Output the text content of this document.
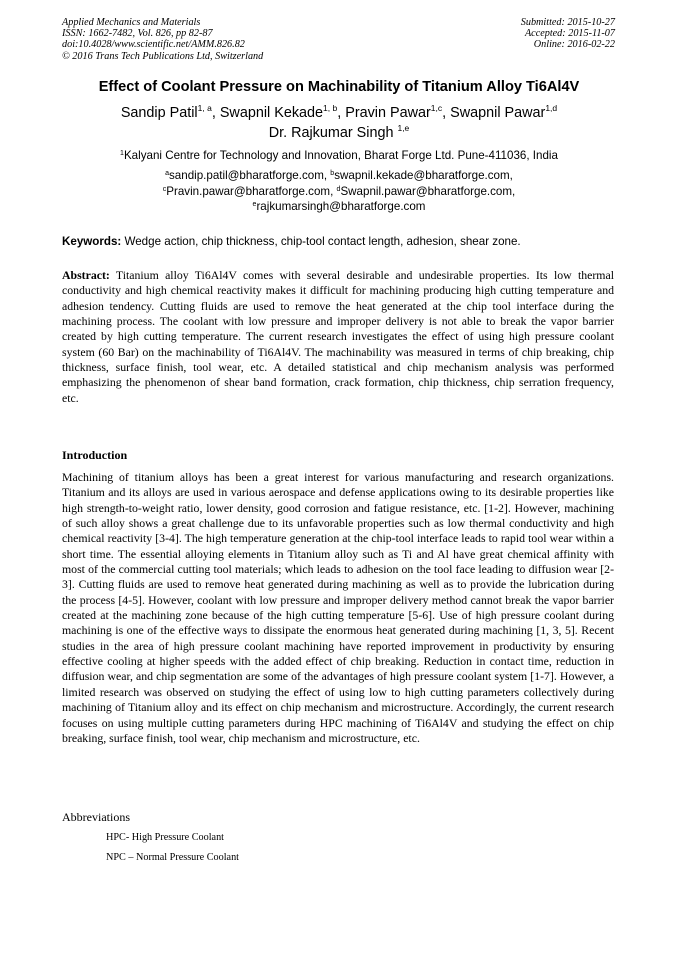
Applied Mechanics and Materials
ISSN: 1662-7482, Vol. 826, pp 82-87
doi:10.4028/www.scientific.net/AMM.826.82
© 2016 Trans Tech Publications Ltd, Switzerland
Submitted: 2015-10-27
Accepted: 2015-11-07
Online: 2016-02-22
Effect of Coolant Pressure on Machinability of Titanium Alloy Ti6Al4V
Sandip Patil$^{1, a}$, Swapnil Kekade$^{1, b}$, Pravin Pawar$^{1,c}$, Swapnil Pawar$^{1,d}$
Dr. Rajkumar Singh $^{1,e}$
$^1$Kalyani Centre for Technology and Innovation, Bharat Forge Ltd. Pune-411036, India
$^a$sandip.patil@bharatforge.com, $^b$swapnil.kekade@bharatforge.com,
$^c$Pravin.pawar@bharatforge.com, $^d$Swapnil.pawar@bharatforge.com,
$^e$rajkumarsingh@bharatforge.com
Keywords: Wedge action, chip thickness, chip-tool contact length, adhesion, shear zone.
Abstract: Titanium alloy Ti6Al4V comes with several desirable and undesirable properties. Its low thermal conductivity and high chemical reactivity makes it difficult for machining producing high cutting temperature and adhesion tendency. Cutting fluids are used to remove the heat generated at the chip tool interface during the machining process. The coolant with low pressure and improper delivery is not able to break the vapor barrier created by high cutting temperature. The current research investigates the effect of using high pressure coolant system (60 Bar) on the machinability of Ti6Al4V. The machinability was measured in terms of chip breaking, chip thickness, surface finish, tool wear, etc. A detailed statistical and chip mechanism analysis was performed emphasizing the phenomenon of shear band formation, crack formation, chip thickness, chip serration frequency, etc.
Introduction
Machining of titanium alloys has been a great interest for various manufacturing and research organizations. Titanium and its alloys are used in various aerospace and defense applications owing to its desirable properties like high strength-to-weight ratio, lower density, good corrosion and fatigue resistance, etc. [1-2]. However, machining of such alloy shows a great challenge due to its unfavorable properties such as low thermal conductivity and high chemical reactivity [3-4]. The high temperature generation at the chip-tool interface leads to rapid tool wear within a short time. The essential alloying elements in Titanium alloy such as Ti and Al have great chemical affinity with most of the commercial cutting tool materials; which leads to adhesion on the tool face leading to diffusion wear [2-3]. Cutting fluids are used to remove heat generated during machining as well as to provide the lubrication during the process [4-5]. However, coolant with low pressure and improper delivery method cannot break the vapor barrier created at the machining zone because of the high cutting temperature [5-6]. Use of high pressure coolant during machining is one of the effective ways to dissipate the enormous heat generated during machining [1, 3, 5]. Recent studies in the area of high pressure coolant machining have reported improvement in productivity by ensuring effective cooling at higher speeds with the added effect of chip breaking. Reduction in contact time, reduction in diffusion wear, and chip segmentation are some of the advantages of high pressure coolant system [1-7]. However, a limited research was observed on studying the effect of using low to high cutting parameters collectively during machining of Titanium alloy and its effect on chip mechanism and microstructure. Accordingly, the current research focuses on using multiple cutting parameters during HPC machining of Ti6Al4V and studying the effect on chip breaking, surface finish, tool wear, chip mechanism and microstructure, etc.
Abbreviations
HPC- High Pressure Coolant
NPC – Normal Pressure Coolant
